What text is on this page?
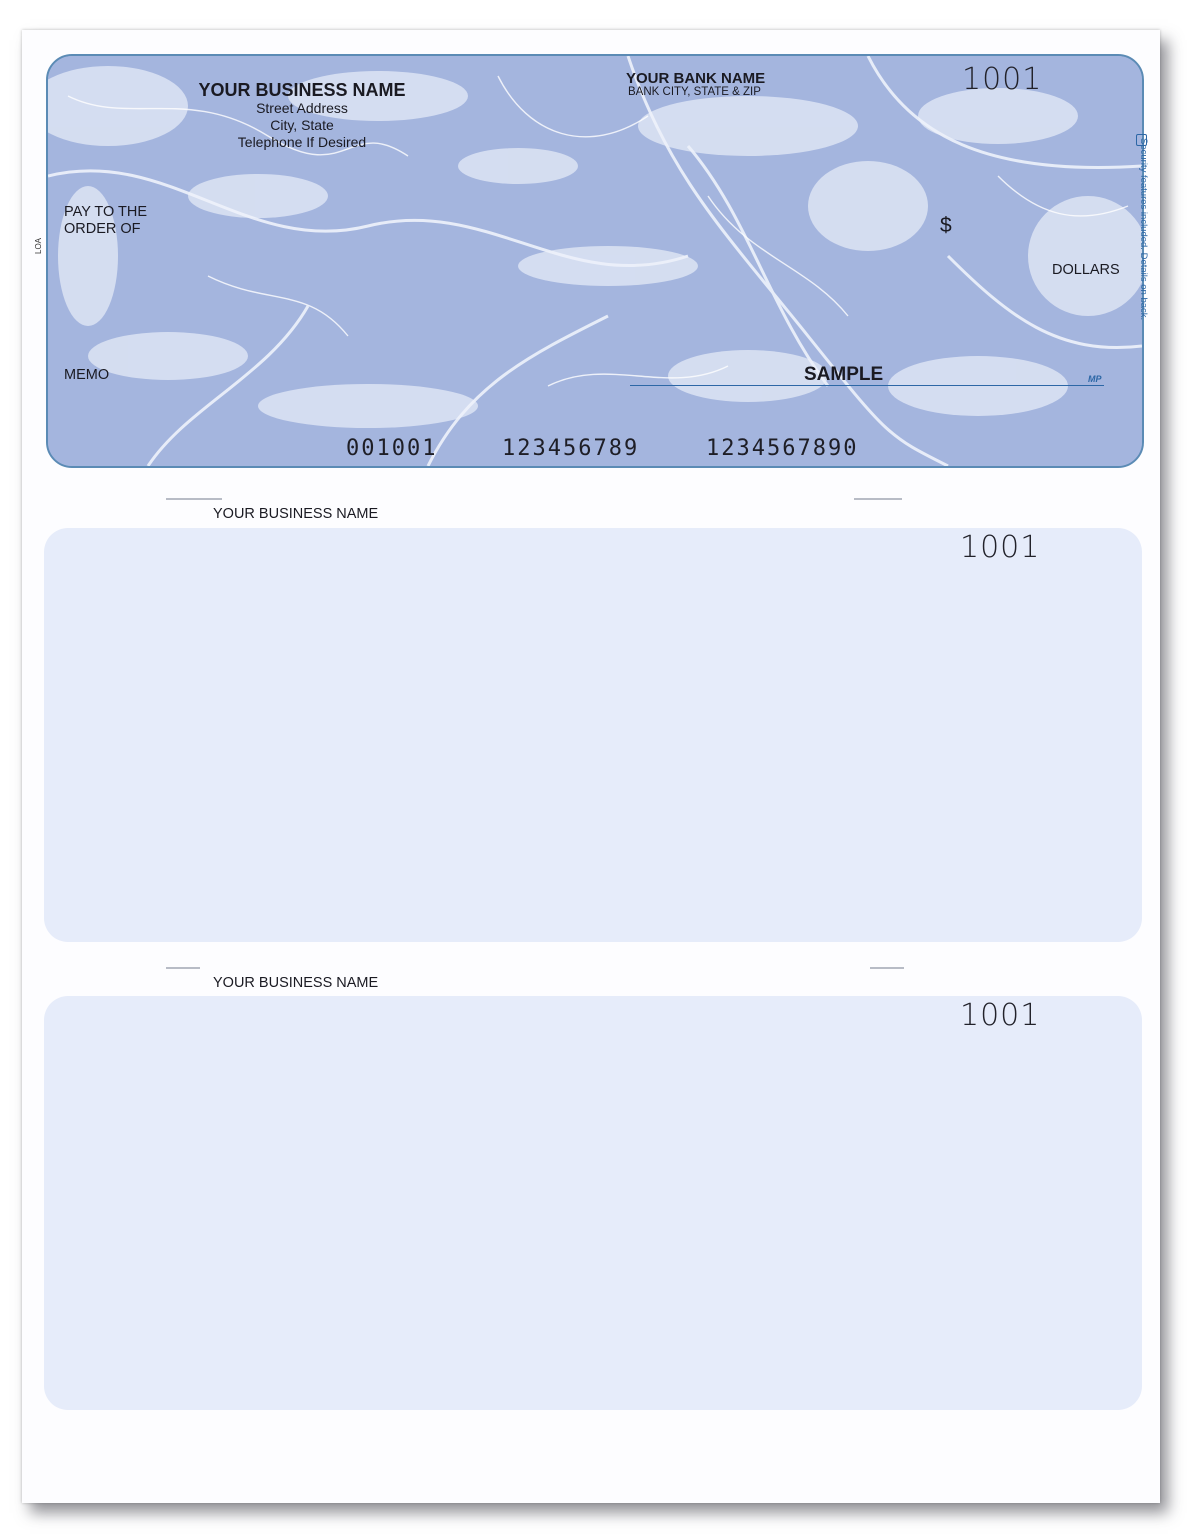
YOUR BUSINESS NAME
Street Address
City, State
Telephone If Desired
YOUR BANK NAME
BANK CITY, STATE & ZIP	1001
PAY TO THE
ORDER OF	$
DOLLARS
MEMO	SAMPLE	MP
001001	123456789	1234567890
Security features included. Details on back.
LOA
YOUR BUSINESS NAME
1001
YOUR BUSINESS NAME
1001
